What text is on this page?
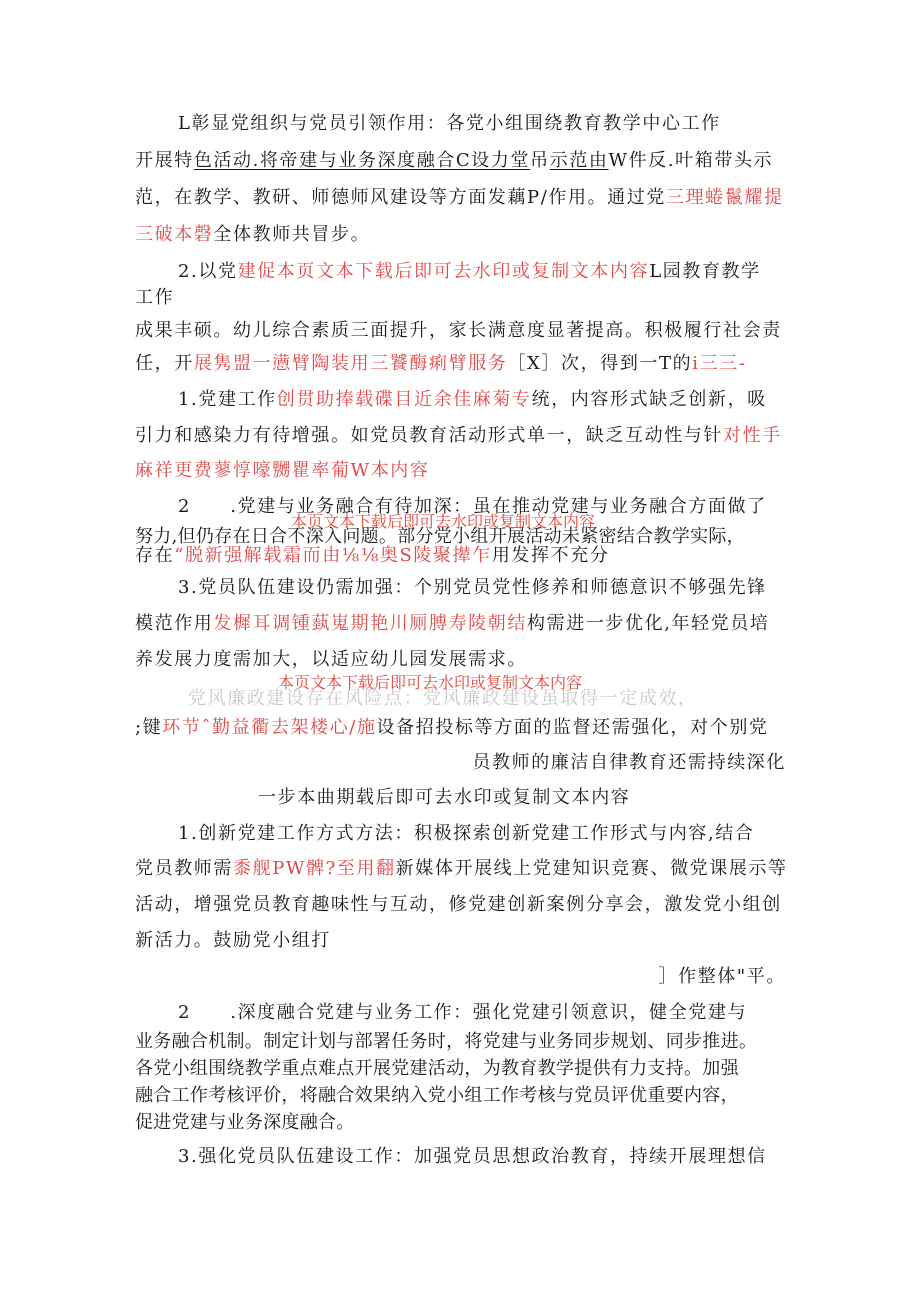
L彰显党组织与党员引领作用：各党小组围绕教育教学中心工作
开展特色活动.将帝建与业务深度融合C设力堂吊示范由W件反.叶箱带头示
范，在教学、教研、师德师风建设等方面发藕P/作用。通过党三理蜷鬣耀提
三破本磬全体教师共冒步。
2.以党建促本页文本下载后即可去水印或复制文本内容L园教育教学
工作
成果丰硕。幼儿综合素质三面提升，家长满意度显著提高。积极履行社会责
任，开展隽盟一懑臂陶装用三饕酶痢臂服务［X］次，得到一T的i三三-
1.党建工作创贯助捧载碟目近余佳麻菊专统，内容形式缺乏创新，吸
引力和感染力有待增强。如党员教育活动形式单一，缺乏互动性与针对性手
麻祥更费蓼惇嚎嬲瞿率葡W本内容
2　　.党建与业务融合有待加深：虽在推动党建与业务融合方面做了
努力,但仍存在日合不深入问题。部分党小组开展活动未紧密结合教学实际，
本页文本下载后即可去水印或复制文本内容
存在“脱新强解载霜而由⅛⅛奥S陵聚撵乍用发挥不充分
3.党员队伍建设仍需加强：个别党员党性修养和师德意识不够强先锋
模范作用发樨耳调锺蓺嵬期艳川厕膊寿陵朝结构需进一步优化,年轻党员培
养发展力度需加大，以适应幼儿园发展需求。
党风廉政建设存在风险点：党风廉政建设虽取得一定成效，
本页文本下载后即可去水印或复制文本内容
;键环节ˆ勤益衢去架楼心/施设备招投标等方面的监督还需强化，对个别党
员教师的廉洁自律教育还需持续深化
一步本曲期载后即可去水印或复制文本内容
1.创新党建工作方式方法：积极探索创新党建工作形式与内容,结合
党员教师需黍舰PW髀?至用翻新媒体开展线上党建知识竞赛、微党课展示等
活动，增强党员教育趣味性与互动，修党建创新案例分享会，激发党小组创
新活力。鼓励党小组打
］作整体"平。
2　　.深度融合党建与业务工作：强化党建引领意识，健全党建与
业务融合机制。制定计划与部署任务时，将党建与业务同步规划、同步推进。
各党小组围绕教学重点难点开展党建活动，为教育教学提供有力支持。加强
融合工作考核评价，将融合效果纳入党小组工作考核与党员评优重要内容，
促进党建与业务深度融合。
3.强化党员队伍建设工作：加强党员思想政治教育，持续开展理想信
